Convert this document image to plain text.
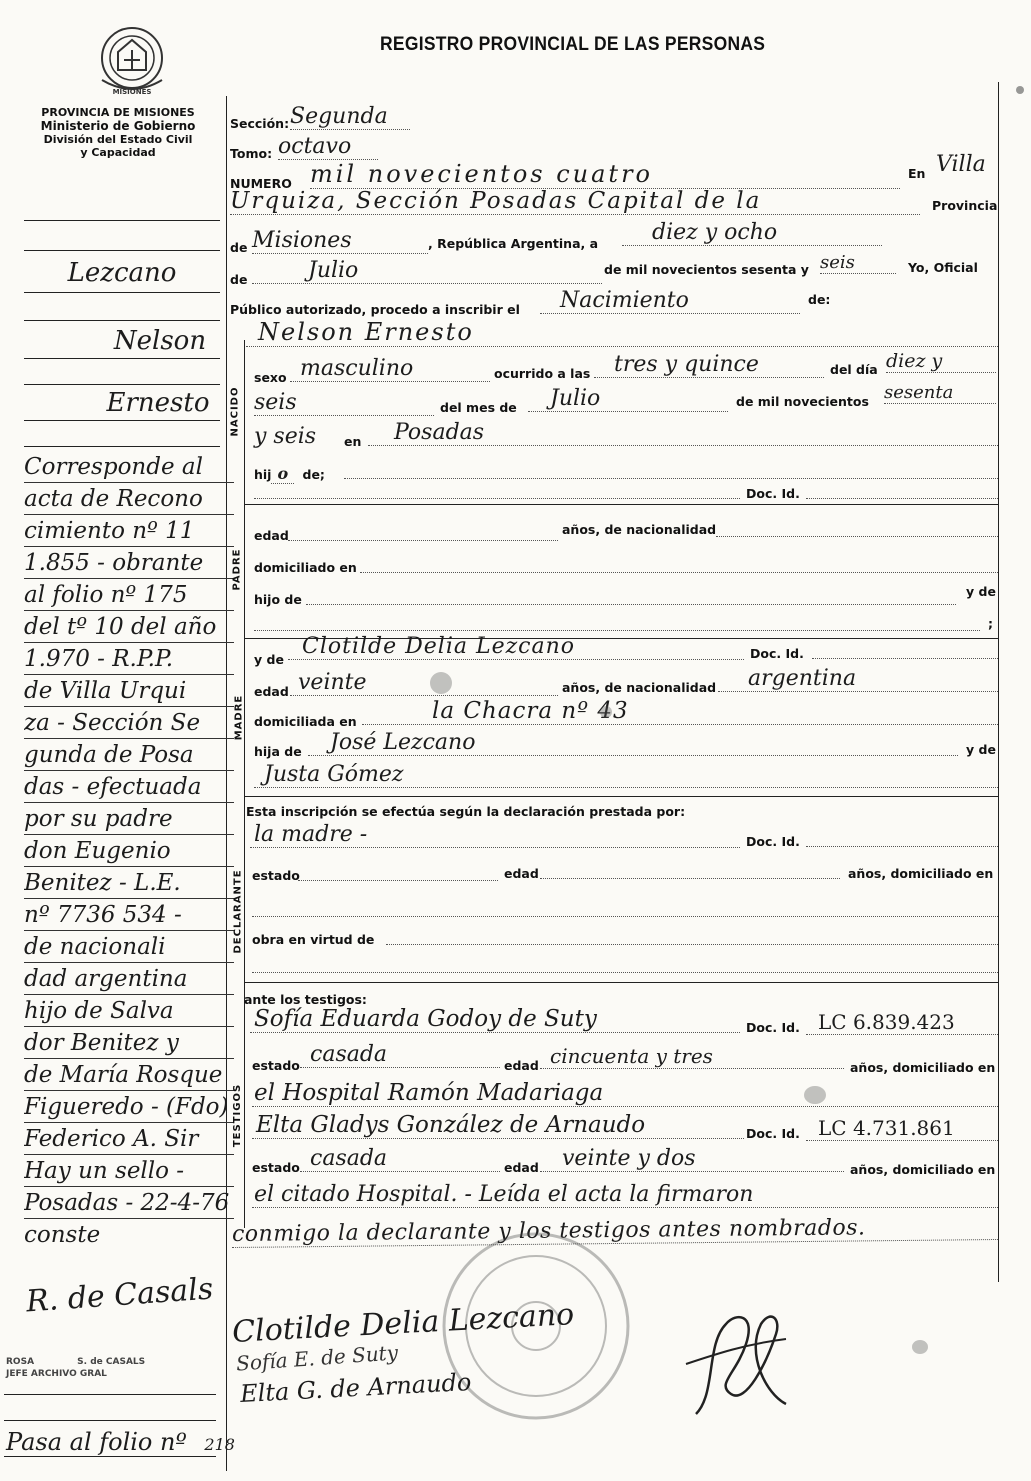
MISIONES
REGISTRO PROVINCIAL DE LAS PERSONAS
PROVINCIA DE MISIONES
Ministerio de Gobierno
División del Estado Civil
y Capacidad
Lezcano
Nelson
Ernesto
Corresponde al
acta de Recono
cimiento nº 11
1.855 - obrante
al folio nº 175
del tº 10 del año
1.970 - R.P.P.
de Villa Urqui
za - Sección Se
gunda de Posa
das - efectuada
por su padre
don Eugenio
Benitez - L.E.
nº 7736 534 -
de nacionali
dad argentina
hijo de Salva
dor Benitez y
de María Rosque
Figueredo - (Fdo)
Federico A. Sir
Hay un sello -
Posadas - 22-4-76
conste
R. de Casals
ROSA	S. de CASALS
JEFE ARCHIVO GRAL
Pasa al folio nº 218
Sección: Segunda
Tomo: octavo
NUMERO mil novecientos cuatro	En Villa
Urquiza, Sección Posadas Capital de la	Provincia
de Misiones	, República Argentina, a	diez y ocho
de	Julio	de mil novecientos sesenta y seis	Yo, Oficial
Público autorizado, procedo a inscribir el	Nacimiento	de:
Nelson Ernesto
NACIDO
sexo masculino	ocurrido a las	tres y quince	del día diez y
seis	del mes de	Julio	de mil novecientos sesenta
y seis en	Posadas
hij o de;
Doc. Id.
PADRE
edad	años, de nacionalidad
domiciliado en
hijo de
y de
;
MADRE
y de
Clotilde Delia Lezcano	Doc. Id.
edad veinte	años, de nacionalidad	argentina
domiciliada en	la Chacra nº 43
hija de	José Lezcano	y de
Justa Gómez
Esta inscripción se efectúa según la declaración prestada por:
la madre -	Doc. Id.
DECLARANTE estado	edad	años, domiciliado en
obra en virtud de
ante los testigos:
TESTIGOS
Sofía Eduarda Godoy de Suty	Doc. Id. LC 6.839.423
estado casada	edad cincuenta y tres	años, domiciliado en
el Hospital Ramón Madariaga
Elta Gladys González de Arnaudo	Doc. Id. LC 4.731.861
estado casada	edad	veinte y dos	años, domiciliado en
el citado Hospital. - Leída el acta la firmaron
conmigo la declarante y los testigos antes nombrados.
Clotilde Delia Lezcano
Sofía E. de Suty
Elta G. de Arnaudo
